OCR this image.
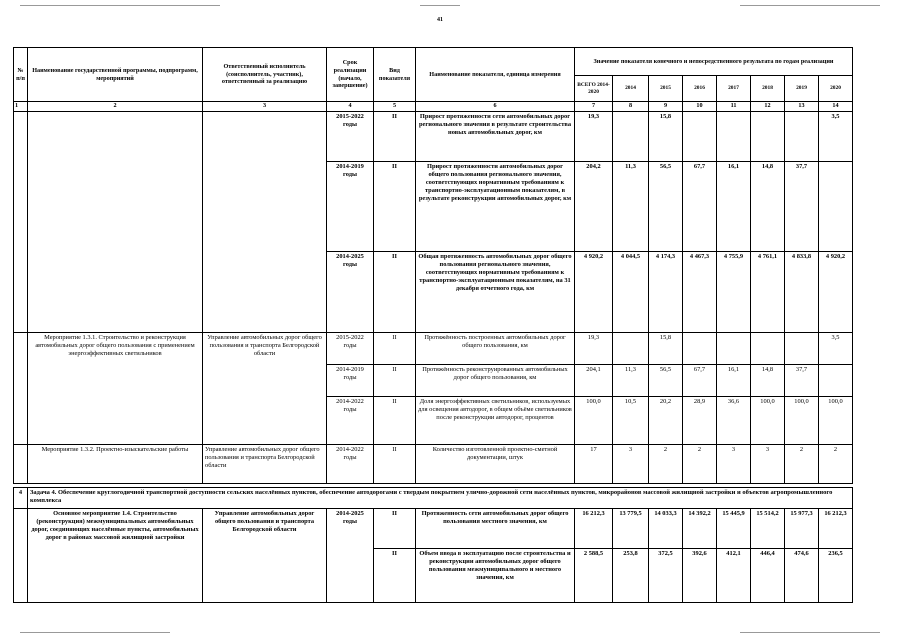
41
№ п/п	Наименование государственной программы, подпрограмм, мероприятий	Ответственный исполнитель (соисполнитель, участник), ответственный за реализацию	Срок реализации (начало, завершение)	Вид показателя	Наименование показателя, единица измерения	Значение показателя конечного и непосредственного результата по годам реализации							
						ВСЕГО 2014-2020	2014	2015	2016	2017	2018	2019	2020
1	2	3	4	5	6	7	8	9	10	11	12	13	14
			2015-2022 годы	II	Прирост протяженности сети автомобильных дорог регионального значения в результате строительства новых автомобильных дорог, км	19,3		15,8					3,5
			2014-2019 годы	II	Прирост протяженности автомобильных дорог общего пользования регионального значения, соответствующих нормативным требованиям к транспортно-эксплуатационным показателям, в результате реконструкции автомобильных дорог, км	204,2	11,3	56,5	67,7	16,1	14,8	37,7	
			2014-2025 годы	II	Общая протяженность автомобильных дорог общего пользования регионального значения, соответствующих нормативным требованиям к транспортно-эксплуатационным показателям, на 31 декабря отчетного года, км	4 920,2	4 044,5	4 174,3	4 467,3	4 755,9	4 761,1	4 833,8	4 920,2
	Мероприятие 1.3.1. Строительство и реконструкция автомобильных дорог общего пользования с применением энергоэффективных светильников	Управление автомобильных дорог общего пользования и транспорта Белгородской области	2015-2022 годы	II	Протяжённость построенных автомобильных дорог общего пользования, км	19,3		15,8					3,5
			2014-2019 годы	II	Протяжённость реконструированных автомобильных дорог общего пользования, км	204,1	11,3	56,5	67,7	16,1	14,8	37,7	
			2014-2022 годы	II	Доля энергоэффективных светильников, используемых для освещения автодорог, в общем объёме светильников после реконструкции автодорог, процентов	100,0	10,5	20,2	28,9	36,6	100,0	100,0	100,0
	Мероприятие 1.3.2. Проектно-изыскательские работы	Управление автомобильных дорог общего пользования и транспорта Белгородской области	2014-2022 годы	II	Количество изготовленной проектно-сметной документации, штук	17	3	2	2	3	3	2	2

4	Задача 4. Обеспечение круглогодичной транспортной доступности сельских населённых пунктов, обеспечение автодорогами с твердым покрытием улично-дорожной сети населённых пунктов, микрорайонов массовой жилищной застройки и объектов агропромышленного комплекса												
	Основное мероприятие 1.4. Строительство (реконструкция) межмуниципальных автомобильных дорог, соединяющих населённые пункты, автомобильных дорог в районах массовой жилищной застройки	Управление автомобильных дорог общего пользования и транспорта Белгородской области	2014-2025 годы	II	Протяженность сети автомобильных дорог общего пользования местного значения, км	16 212,3	13 779,5	14 033,3	14 392,2	15 445,9	15 514,2	15 977,3	16 212,3
				II	Объем ввода в эксплуатацию после строительства и реконструкции автомобильных дорог общего пользования межмуниципального и местного значения, км	2 588,5	253,8	372,5	392,6	412,1	446,4	474,6	236,5
